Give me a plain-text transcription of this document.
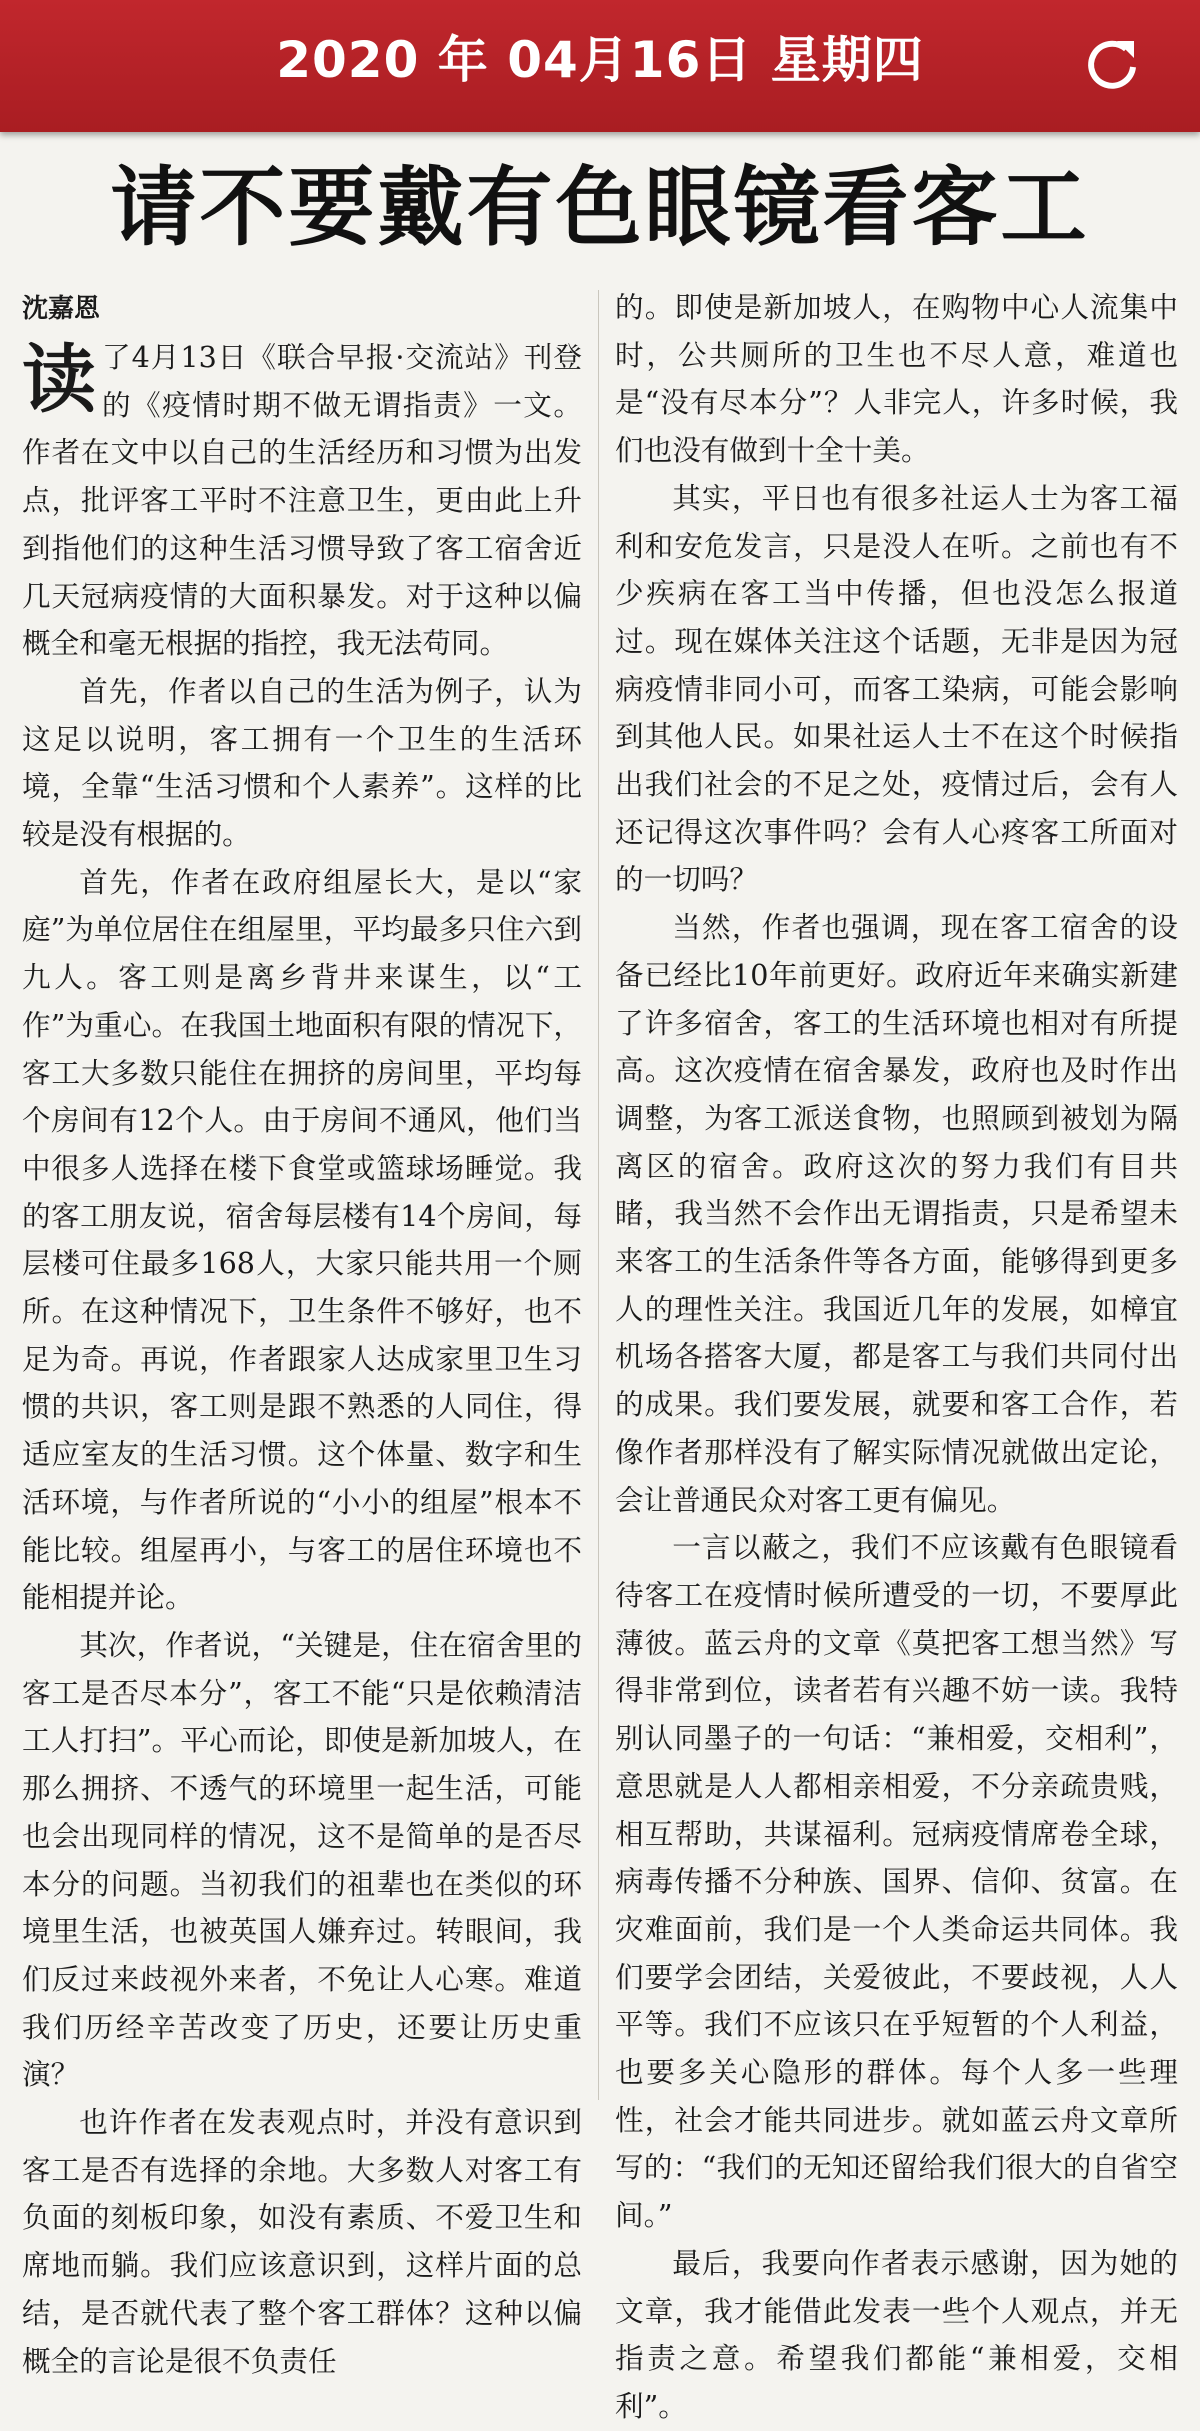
2020 年 04月16日 星期四
请不要戴有色眼镜看客工
沈嘉恩

读了4月13日《联合早报·交流站》刊登的《疫情时期不做无谓指责》一文。作者在文中以自己的生活经历和习惯为出发点，批评客工平时不注意卫生，更由此上升到指他们的这种生活习惯导致了客工宿舍近几天冠病疫情的大面积暴发。对于这种以偏概全和毫无根据的指控，我无法苟同。

首先，作者以自己的生活为例子，认为这足以说明，客工拥有一个卫生的生活环境，全靠“生活习惯和个人素养”。这样的比较是没有根据的。

首先，作者在政府组屋长大，是以“家庭”为单位居住在组屋里，平均最多只住六到九人。客工则是离乡背井来谋生，以“工作”为重心。在我国土地面积有限的情况下，客工大多数只能住在拥挤的房间里，平均每个房间有12个人。由于房间不通风，他们当中很多人选择在楼下食堂或篮球场睡觉。我的客工朋友说，宿舍每层楼有14个房间，每层楼可住最多168人，大家只能共用一个厕所。在这种情况下，卫生条件不够好，也不足为奇。再说，作者跟家人达成家里卫生习惯的共识，客工则是跟不熟悉的人同住，得适应室友的生活习惯。这个体量、数字和生活环境，与作者所说的“小小的组屋”根本不能比较。组屋再小，与客工的居住环境也不能相提并论。

其次，作者说，“关键是，住在宿舍里的客工是否尽本分”，客工不能“只是依赖清洁工人打扫”。平心而论，即使是新加坡人，在那么拥挤、不透气的环境里一起生活，可能也会出现同样的情况，这不是简单的是否尽本分的问题。当初我们的祖辈也在类似的环境里生活，也被英国人嫌弃过。转眼间，我们反过来歧视外来者，不免让人心寒。难道我们历经辛苦改变了历史，还要让历史重演？

也许作者在发表观点时，并没有意识到客工是否有选择的余地。大多数人对客工有负面的刻板印象，如没有素质、不爱卫生和席地而躺。我们应该意识到，这样片面的总结，是否就代表了整个客工群体？这种以偏概全的言论是很不负责任

的。即使是新加坡人，在购物中心人流集中时，公共厕所的卫生也不尽人意，难道也是“没有尽本分”？人非完人，许多时候，我们也没有做到十全十美。

其实，平日也有很多社运人士为客工福利和安危发言，只是没人在听。之前也有不少疾病在客工当中传播，但也没怎么报道过。现在媒体关注这个话题，无非是因为冠病疫情非同小可，而客工染病，可能会影响到其他人民。如果社运人士不在这个时候指出我们社会的不足之处，疫情过后，会有人还记得这次事件吗？会有人心疼客工所面对的一切吗？

当然，作者也强调，现在客工宿舍的设备已经比10年前更好。政府近年来确实新建了许多宿舍，客工的生活环境也相对有所提高。这次疫情在宿舍暴发，政府也及时作出调整，为客工派送食物，也照顾到被划为隔离区的宿舍。政府这次的努力我们有目共睹，我当然不会作出无谓指责，只是希望未来客工的生活条件等各方面，能够得到更多人的理性关注。我国近几年的发展，如樟宜机场各搭客大厦，都是客工与我们共同付出的成果。我们要发展，就要和客工合作，若像作者那样没有了解实际情况就做出定论，会让普通民众对客工更有偏见。

一言以蔽之，我们不应该戴有色眼镜看待客工在疫情时候所遭受的一切，不要厚此薄彼。蓝云舟的文章《莫把客工想当然》写得非常到位，读者若有兴趣不妨一读。我特别认同墨子的一句话：“兼相爱，交相利”，意思就是人人都相亲相爱，不分亲疏贵贱，相互帮助，共谋福利。冠病疫情席卷全球，病毒传播不分种族、国界、信仰、贫富。在灾难面前，我们是一个人类命运共同体。我们要学会团结，关爱彼此，不要歧视，人人平等。我们不应该只在乎短暂的个人利益，也要多关心隐形的群体。每个人多一些理性，社会才能共同进步。就如蓝云舟文章所写的：“我们的无知还留给我们很大的自省空间。”

最后，我要向作者表示感谢，因为她的文章，我才能借此发表一些个人观点，并无指责之意。希望我们都能“兼相爱，交相利”。
